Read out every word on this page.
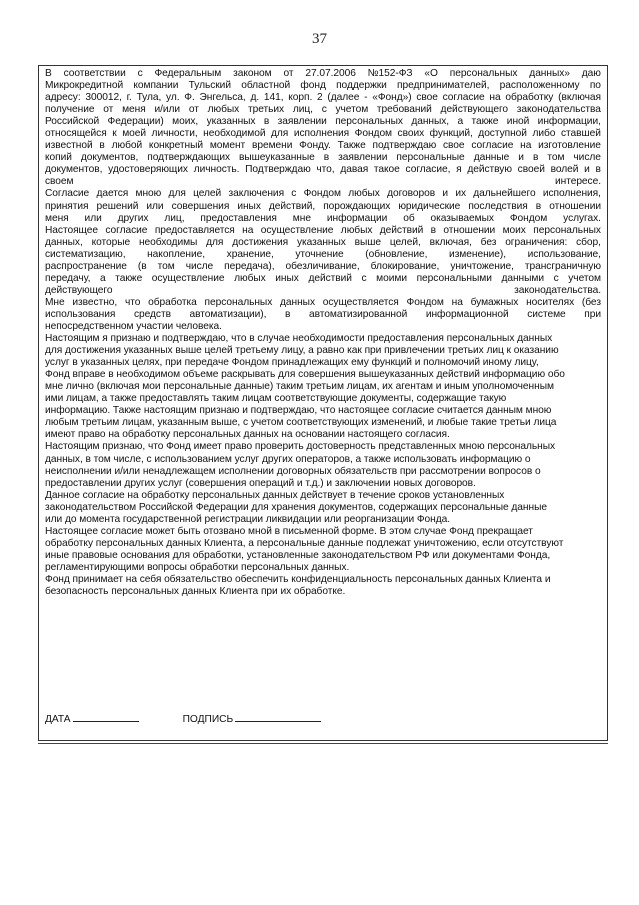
37
В соответствии с Федеральным законом от 27.07.2006 №152-ФЗ «О персональных данных» даю
Микрокредитной компании Тульский областной фонд поддержки предпринимателей, расположенному по
адресу: 300012, г. Тула, ул. Ф. Энгельса, д. 141, корп. 2 (далее - «Фонд») свое согласие на обработку (включая
получение от меня и/или от любых третьих лиц, с учетом требований действующего законодательства
Российской Федерации) моих, указанных в заявлении персональных данных, а также иной информации,
относящейся к моей личности, необходимой для исполнения Фондом своих функций, доступной либо ставшей
известной в любой конкретный момент времени Фонду. Также подтверждаю свое согласие на изготовление
копий документов, подтверждающих вышеуказанные в заявлении персональные данные и в том числе
документов, удостоверяющих личность. Подтверждаю что, давая такое согласие, я действую своей волей и в
своем	интересе.
Согласие дается мною для целей заключения с Фондом любых договоров и их дальнейшего исполнения,
принятия решений или совершения иных действий, порождающих юридические последствия в отношении
меня или других лиц, предоставления мне информации об оказываемых Фондом услугах.
Настоящее согласие предоставляется на осуществление любых действий в отношении моих персональных
данных, которые необходимы для достижения указанных выше целей, включая, без ограничения: сбор,
систематизацию, накопление, хранение, уточнение (обновление, изменение), использование,
распространение (в том числе передача), обезличивание, блокирование, уничтожение, трансграничную
передачу, а также осуществление любых иных действий с моими персональными данными с учетом
действующего	законодательства.
Мне известно, что обработка персональных данных осуществляется Фондом на бумажных носителях (без
использования средств автоматизации), в автоматизированной информационной системе при
непосредственном участии человека.
Настоящим я признаю и подтверждаю, что в случае необходимости предоставления персональных данных
для достижения указанных выше целей третьему лицу, а равно как при привлечении третьих лиц к оказанию
услуг в указанных целях, при передаче Фондом принадлежащих ему функций и полномочий иному лицу,
Фонд вправе в необходимом объеме раскрывать для совершения вышеуказанных действий информацию обо
мне лично (включая мои персональные данные) таким третьим лицам, их агентам и иным уполномоченным
ими лицам, а также предоставлять таким лицам соответствующие документы, содержащие такую
информацию. Также настоящим признаю и подтверждаю, что настоящее согласие считается данным мною
любым третьим лицам, указанным выше, с учетом соответствующих изменений, и любые такие третьи лица
имеют право на обработку персональных данных на основании настоящего согласия.
Настоящим признаю, что Фонд имеет право проверить достоверность представленных мною персональных
данных, в том числе, с использованием услуг других операторов, а также использовать информацию о
неисполнении и/или ненадлежащем исполнении договорных обязательств при рассмотрении вопросов о
предоставлении других услуг (совершения операций и т.д.) и заключении новых договоров.
Данное согласие на обработку персональных данных действует в течение сроков установленных
законодательством Российской Федерации для хранения документов, содержащих персональные данные
или до момента государственной регистрации ликвидации или реорганизации Фонда.
Настоящее согласие может быть отозвано мной в письменной форме. В этом случае Фонд прекращает
обработку персональных данных Клиента, а персональные данные подлежат уничтожению, если отсутствуют
иные правовые основания для обработки, установленные законодательством РФ или документами Фонда,
регламентирующими вопросы обработки персональных данных.
Фонд принимает на себя обязательство обеспечить конфиденциальность персональных данных Клиента и
безопасность персональных данных Клиента при их обработке.
ДАТА	ПОДПИСЬ
